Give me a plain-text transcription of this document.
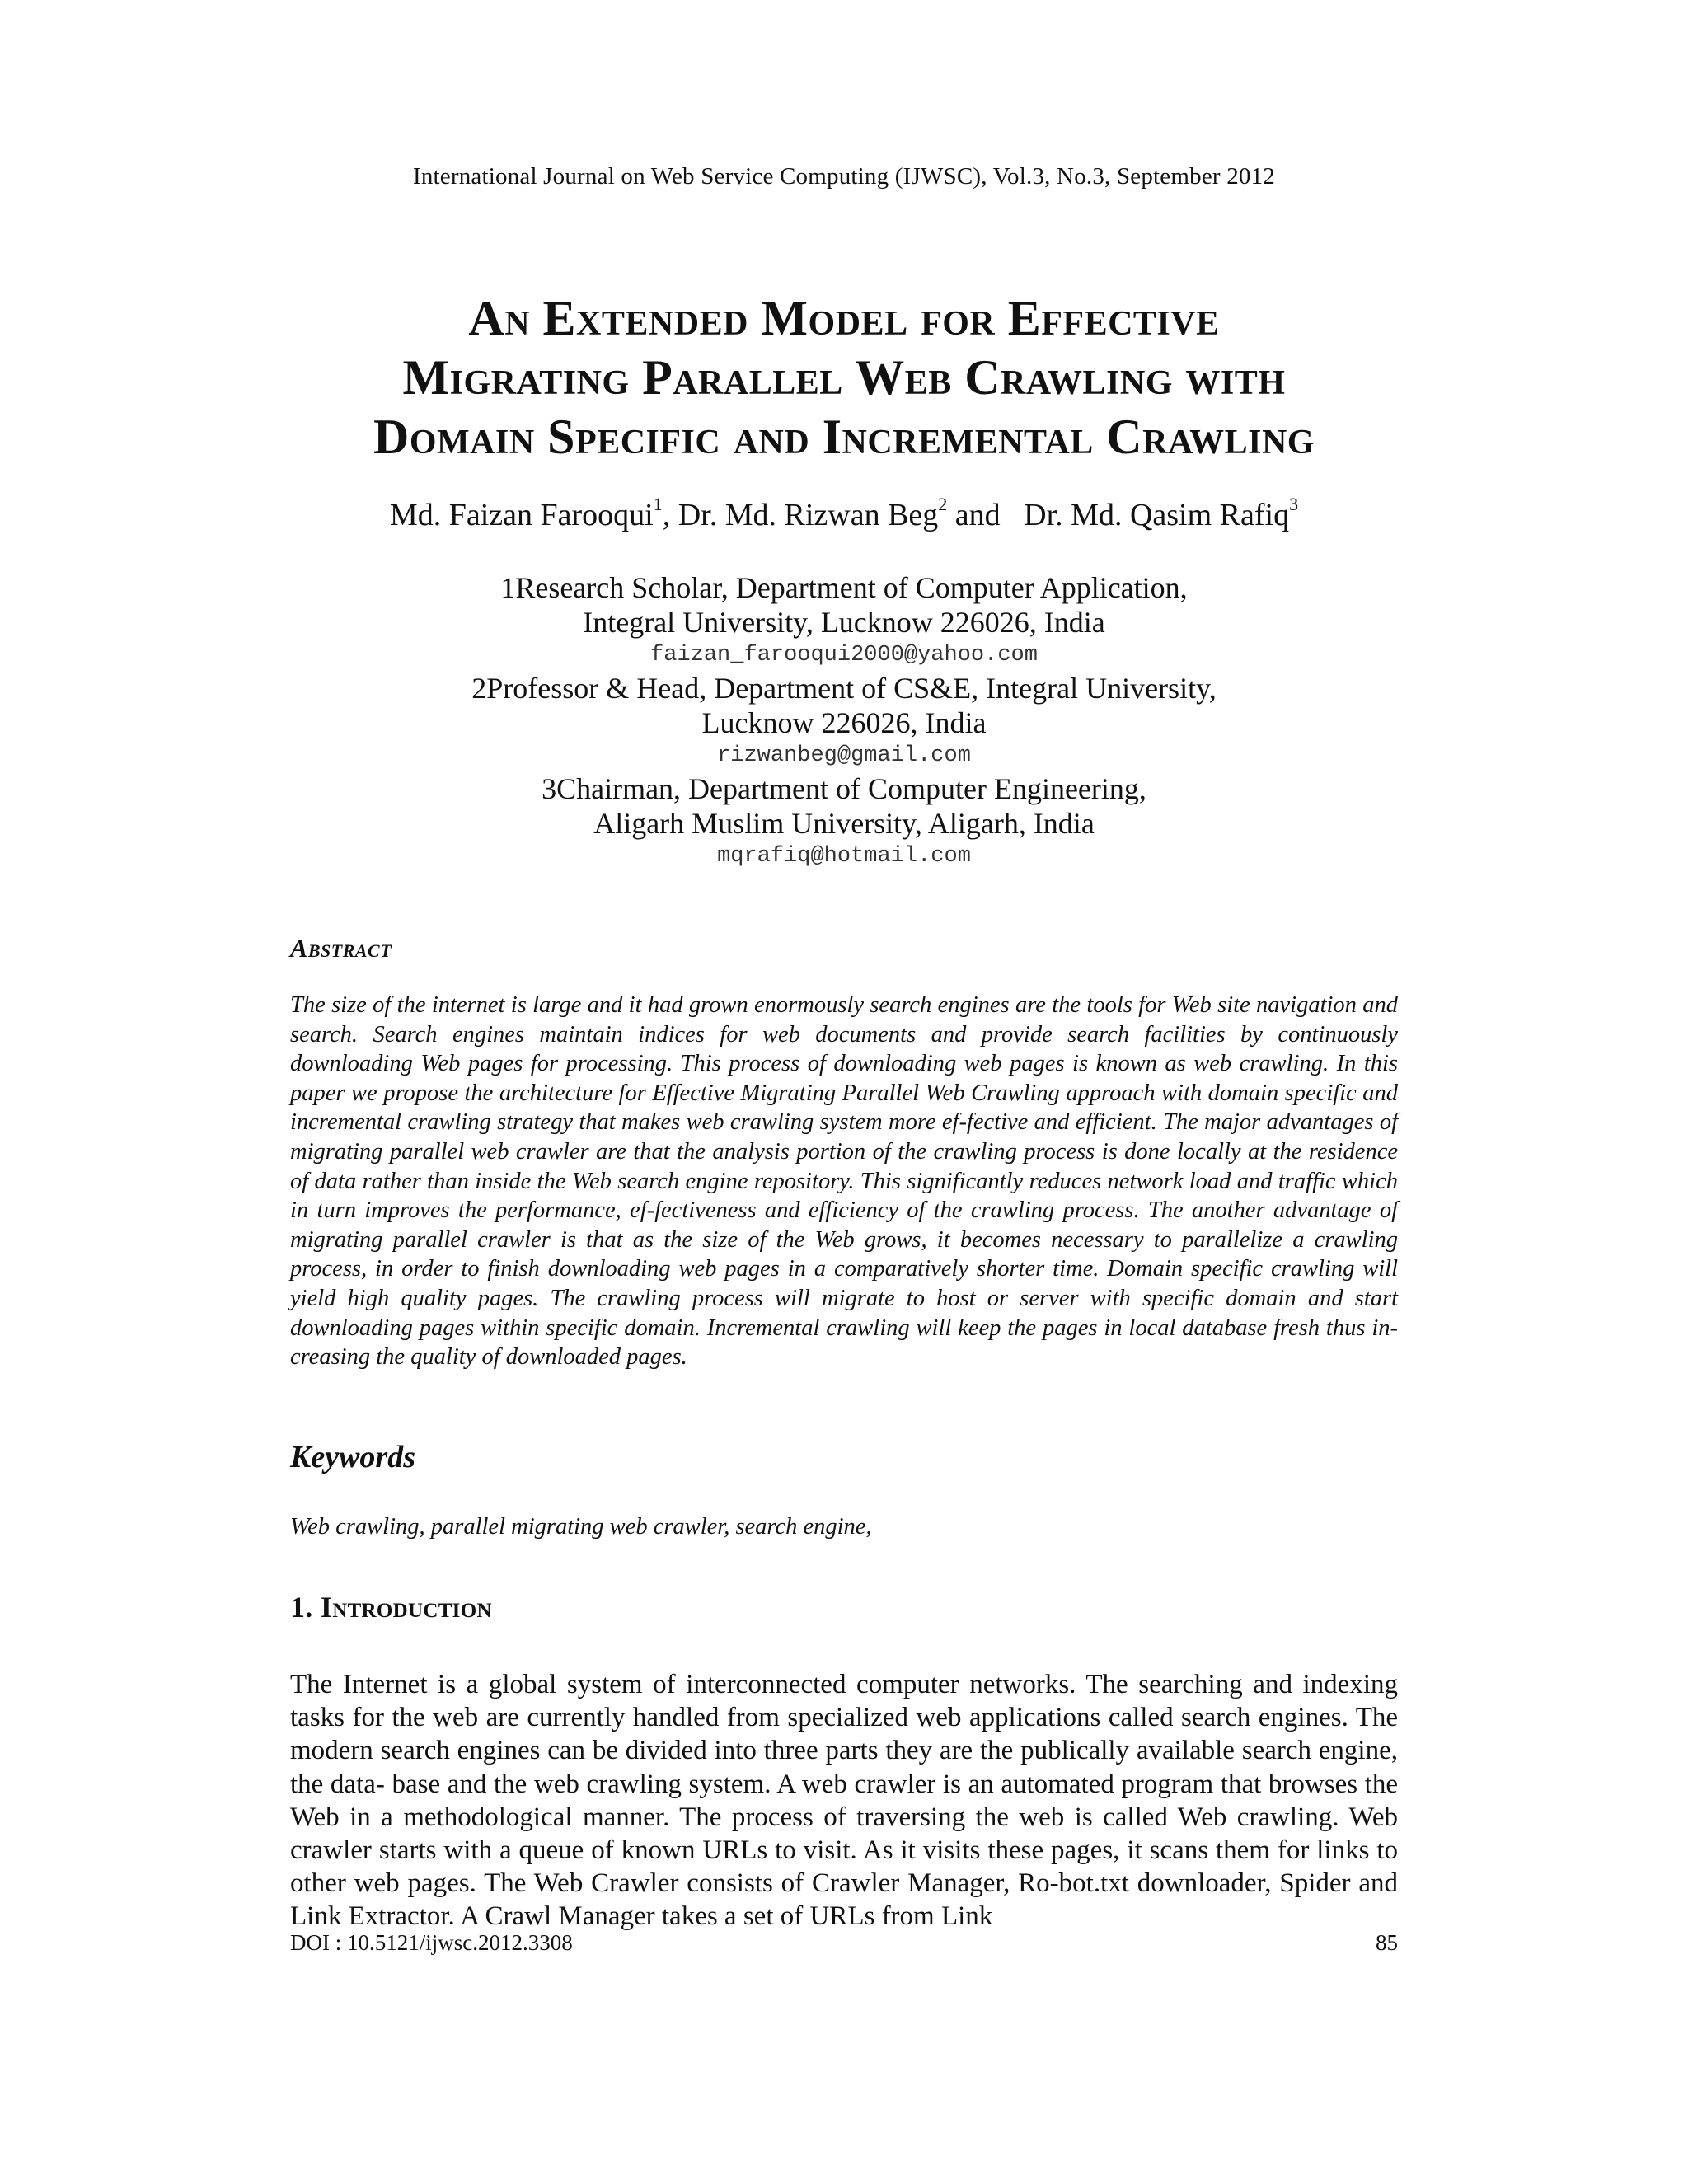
International Journal on Web Service Computing (IJWSC), Vol.3, No.3, September 2012
An Extended Model for Effective
Migrating Parallel Web Crawling with
Domain Specific and Incremental Crawling
Md. Faizan Farooqui$^1$, Dr. Md. Rizwan Beg$^2$ and   Dr. Md. Qasim Rafiq$^3$
1Research Scholar, Department of Computer Application,
Integral University, Lucknow 226026, India
faizan_farooqui2000@yahoo.com
2Professor & Head, Department of CS&E, Integral University,
Lucknow 226026, India
rizwanbeg@gmail.com
3Chairman, Department of Computer Engineering,
Aligarh Muslim University, Aligarh, India
mqrafiq@hotmail.com
Abstract
The size of the internet is large and it had grown enormously search engines are the tools for Web site navigation and search. Search engines maintain indices for web documents and provide search facilities by continuously downloading Web pages for processing. This process of downloading web pages is known as web crawling. In this paper we propose the architecture for Effective Migrating Parallel Web Crawling approach with domain specific and incremental crawling strategy that makes web crawling system more ef-fective and efficient. The major advantages of migrating parallel web crawler are that the analysis portion of the crawling process is done locally at the residence of data rather than inside the Web search engine repository. This significantly reduces network load and traffic which in turn improves the performance, ef-fectiveness and efficiency of the crawling process. The another advantage of migrating parallel crawler is that as the size of the Web grows, it becomes necessary to parallelize a crawling process, in order to finish downloading web pages in a comparatively shorter time. Domain specific crawling will yield high quality pages. The crawling process will migrate to host or server with specific domain and start downloading pages within specific domain. Incremental crawling will keep the pages in local database fresh thus in-creasing the quality of downloaded pages.
Keywords
Web crawling, parallel migrating web crawler, search engine,
1. Introduction
The Internet is a global system of interconnected computer networks. The searching and indexing tasks for the web are currently handled from specialized web applications called search engines. The modern search engines can be divided into three parts they are the publically available search engine, the data- base and the web crawling system. A web crawler is an automated program that browses the Web in a methodological manner. The process of traversing the web is called Web crawling. Web crawler starts with a queue of known URLs to visit. As it visits these pages, it scans them for links to other web pages. The Web Crawler consists of Crawler Manager, Ro-bot.txt downloader, Spider and Link Extractor. A Crawl Manager takes a set of URLs from Link
DOI : 10.5121/ijwsc.2012.3308	85
